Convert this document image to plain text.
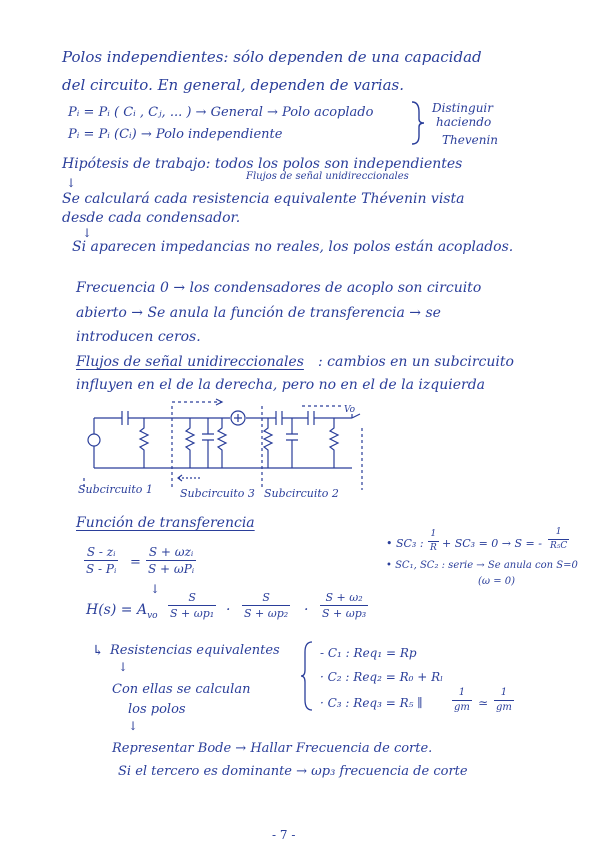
Polos independientes: sólo dependen de una capacidad
del circuito. En general, dependen de varias.
Pᵢ = Pᵢ ( Cᵢ , Cⱼ, ... ) → General → Polo acoplado
Pᵢ = Pᵢ (Cᵢ) → Polo independiente
Distinguir
haciendo
Thevenin
Hipótesis de trabajo: todos los polos son independientes
Flujos de señal unidireccionales
↓
Se calculará cada resistencia equivalente Thévenin vista
desde cada condensador.
↓
Si aparecen impedancias no reales, los polos están acoplados.
Frecuencia 0 → los condensadores de acoplo son circuito
abierto → Se anula la función de transferencia → se
introducen ceros.
Flujos de señal unidireccionales : cambios en un subcircuito
influyen en el de la derecha, pero no en el de la izquierda
Vo
Subcircuito 1 Subcircuito 3 Subcircuito 2
Función de transferencia
$\frac{\text{S - zᵢ}}{\text{S - Pᵢ}}$ =
S + ωzᵢ
S + ωPᵢ
↓
$H(s) = A_{vo} \frac{S}{\text{S + ωp₁}} \cdot \frac{S}{\text{S + ωp₂}} \cdot \frac{\text{S + ω₂}}{\text{S + ωp₃}}$
• SC₃ : $\frac{1}{R} + SC_3 = 0 \to S$ = - $\frac{1}{\text{R₅C}}$
• SC₁, SC₂ : serie → Se anula con S=0
(ω = 0)
↳ Resistencias equivalentes	- C₁ : Req₁ = Rp
· C₂ : Req₂ = R₀ + Rₗ
· C₃ : Req₃ = R₅ ∥	$\frac{1}{gm}$ ≃ $\frac{1}{gm}$
↓
Con ellas se calculan
los polos
↓
Representar Bode → Hallar Frecuencia de corte.
Si el tercero es dominante → ωp₃ frecuencia de corte
- 7 -
